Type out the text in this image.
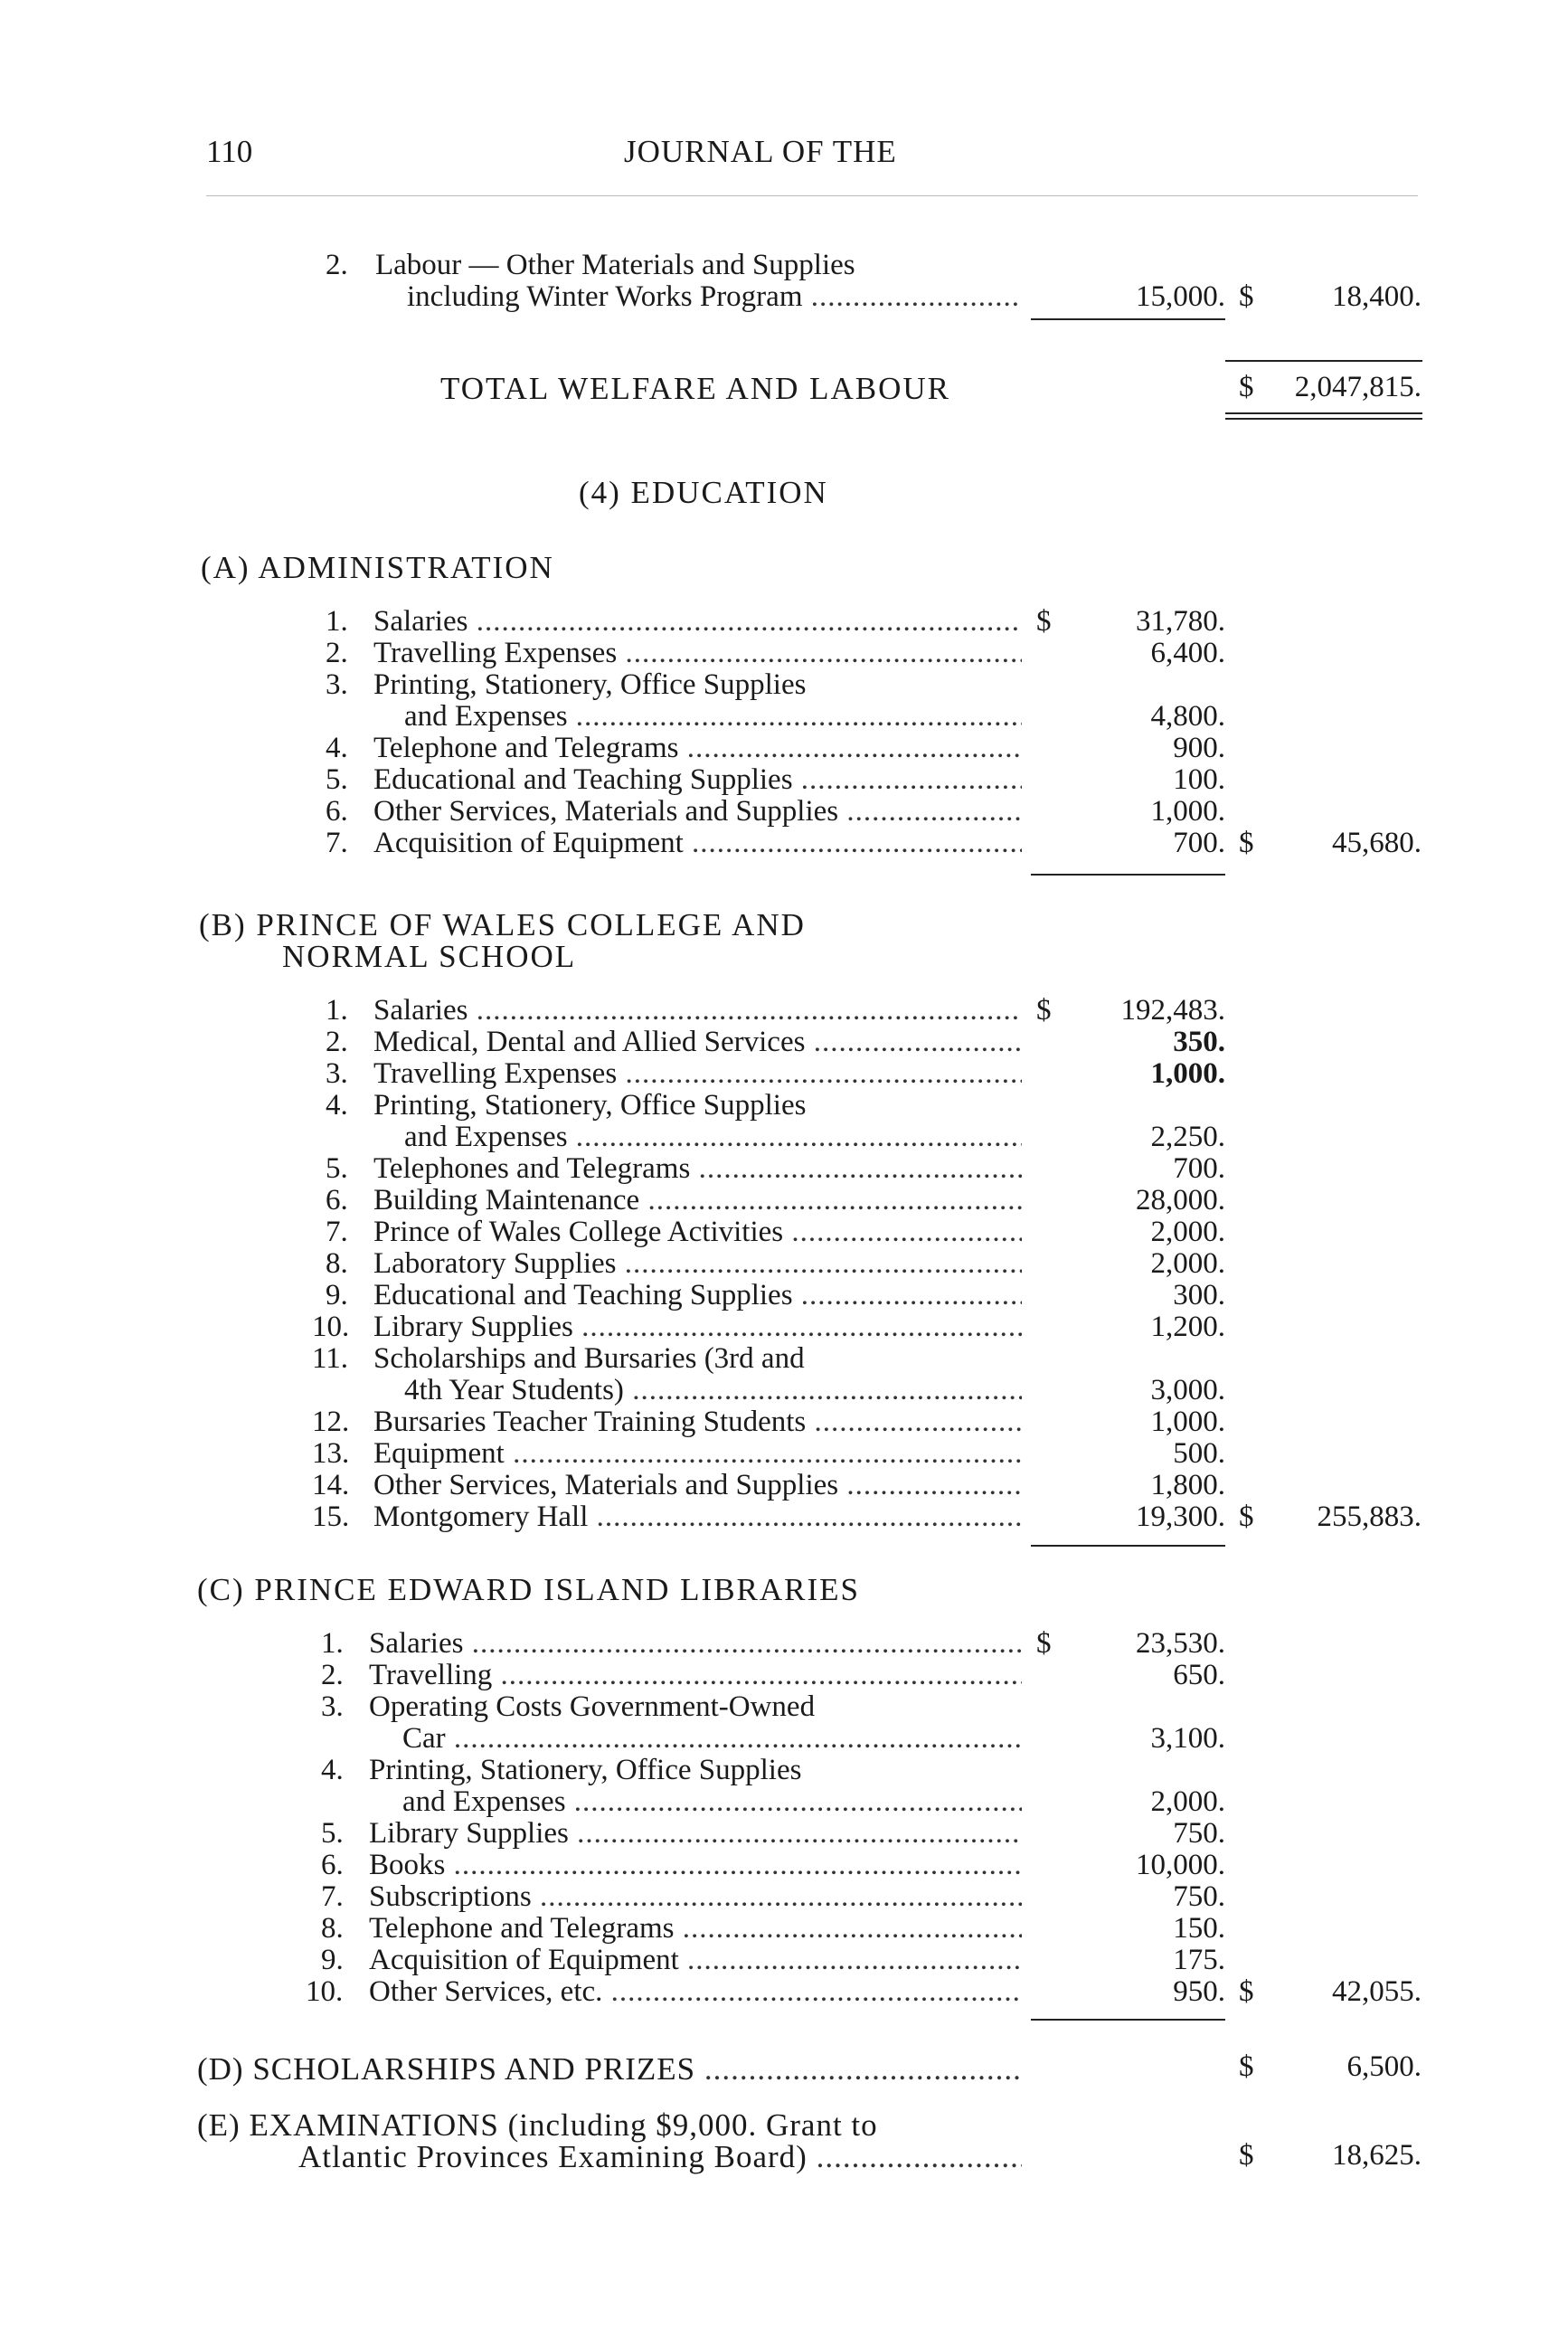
110	JOURNAL OF THE
2. Labour — Other Materials and Supplies
including Winter Works Program .....	15,000. $	18,400.
TOTAL WELFARE AND LABOUR	$	2,047,815.
(4) EDUCATION
(A) ADMINISTRATION
1. Salaries .....	$	31,780.
2. Travelling Expenses .....	6,400.
3. Printing, Stationery, Office Supplies
and Expenses .....	4,800.
4. Telephone and Telegrams .....	900.
5. Educational and Teaching Supplies .....	100.
6. Other Services, Materials and Supplies .....	1,000.
7. Acquisition of Equipment .....	700. $	45,680.
(B) PRINCE OF WALES COLLEGE AND
NORMAL SCHOOL
1. Salaries .....	$	192,483.
2. Medical, Dental and Allied Services .....	350.
3. Travelling Expenses .....	1,000.
4. Printing, Stationery, Office Supplies
and Expenses .....	2,250.
5. Telephones and Telegrams .....	700.
6. Building Maintenance .....	28,000.
7. Prince of Wales College Activities .....	2,000.
8. Laboratory Supplies .....	2,000.
9. Educational and Teaching Supplies .....	300.
10. Library Supplies .....	1,200.
11. Scholarships and Bursaries (3rd and
4th Year Students) .....	3,000.
12. Bursaries Teacher Training Students .....	1,000.
13. Equipment .....	500.
14. Other Services, Materials and Supplies .....	1,800.
15. Montgomery Hall .....	19,300. $	255,883.
(C) PRINCE EDWARD ISLAND LIBRARIES
1. Salaries .....	$	23,530.
2. Travelling .....	650.
3. Operating Costs Government-Owned
Car .....	3,100.
4. Printing, Stationery, Office Supplies
and Expenses .....	2,000.
5. Library Supplies .....	750.
6. Books .....	10,000.
7. Subscriptions .....	750.
8. Telephone and Telegrams .....	150.
9. Acquisition of Equipment .....	175.
10. Other Services, etc. .....	950. $	42,055.
(D) SCHOLARSHIPS AND PRIZES .....	$	6,500.
(E) EXAMINATIONS (including $9,000. Grant to
Atlantic Provinces Examining Board) .....	$	18,625.
